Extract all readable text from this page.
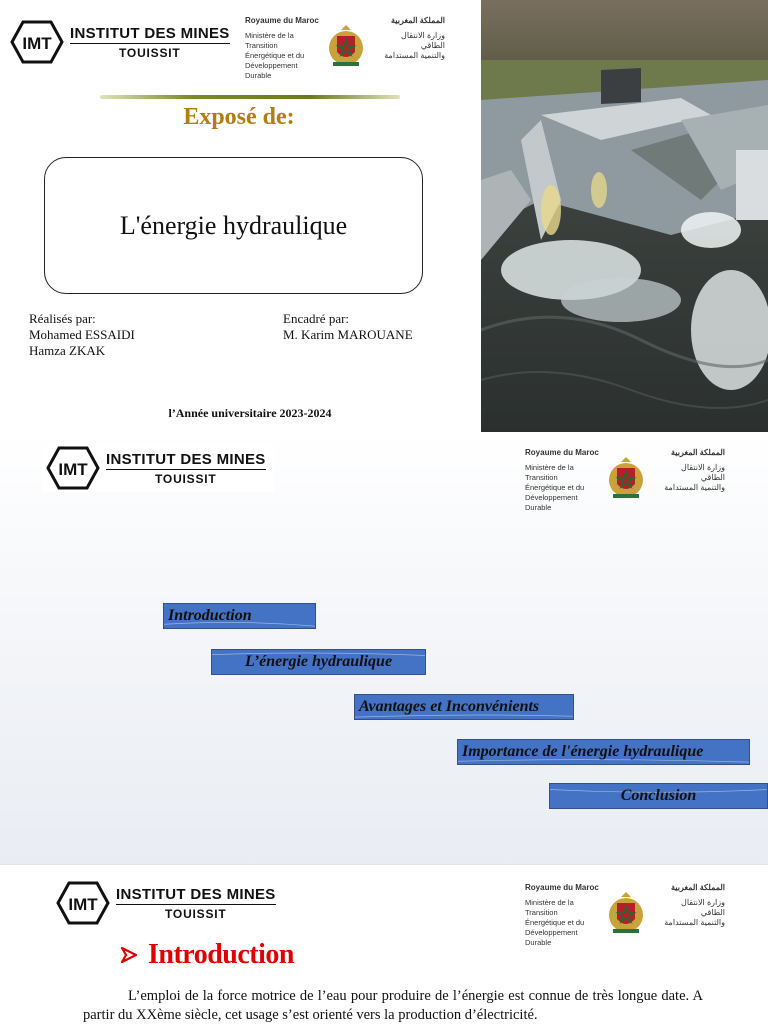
IMT
INSTITUT DES MINES
TOUISSIT
Royaume du Maroc
Ministère de la Transition
Énergétique et du
Développement Durable
المملكة المغربية
وزارة الانتقال
الطاقي
والتنمية المستدامة
Exposé de:
L'énergie hydraulique
Réalisés par:
Mohamed ESSAIDI
Hamza ZKAK
Encadré par:
M. Karim MAROUANE
l’Année universitaire 2023-2024
IMT
INSTITUT DES MINES
TOUISSIT
Royaume du Maroc
Ministère de la Transition
Énergétique et du
Développement Durable
المملكة المغربية
وزارة الانتقال
الطاقي
والتنمية المستدامة
Introduction
L’énergie hydraulique
Avantages et Inconvénients
Importance de l'énergie hydraulique
Conclusion
IMT
INSTITUT DES MINES
TOUISSIT
Royaume du Maroc
Ministère de la Transition
Énergétique et du
Développement Durable
المملكة المغربية
وزارة الانتقال
الطاقي
والتنمية المستدامة
Introduction
L’emploi de la force motrice de l’eau pour produire de l’énergie est connue de très longue date. A partir du XXème siècle, cet usage s’est orienté vers la production d’électricité.
